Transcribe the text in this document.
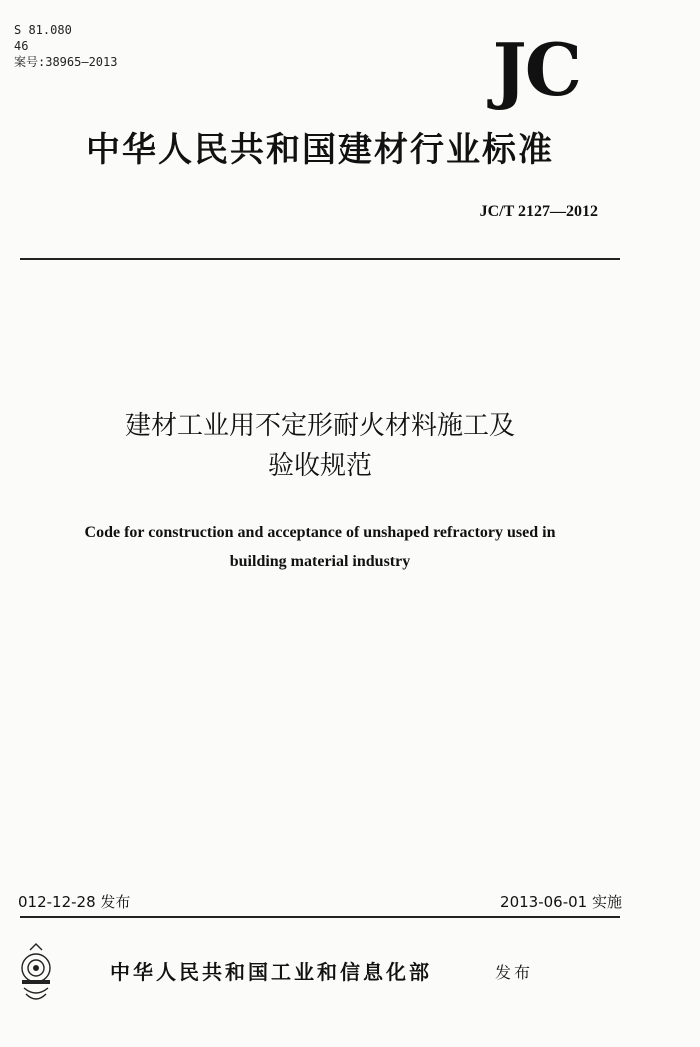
S 81.080
46
案号:38965—2013	JC
中华人民共和国建材行业标准
JC/T 2127—2012
建材工业用不定形耐火材料施工及
验收规范
Code for construction and acceptance of unshaped refractory used in
building material industry
012-12-28 发布	2013-06-01 实施
中华人民共和国工业和信息化部	发布
